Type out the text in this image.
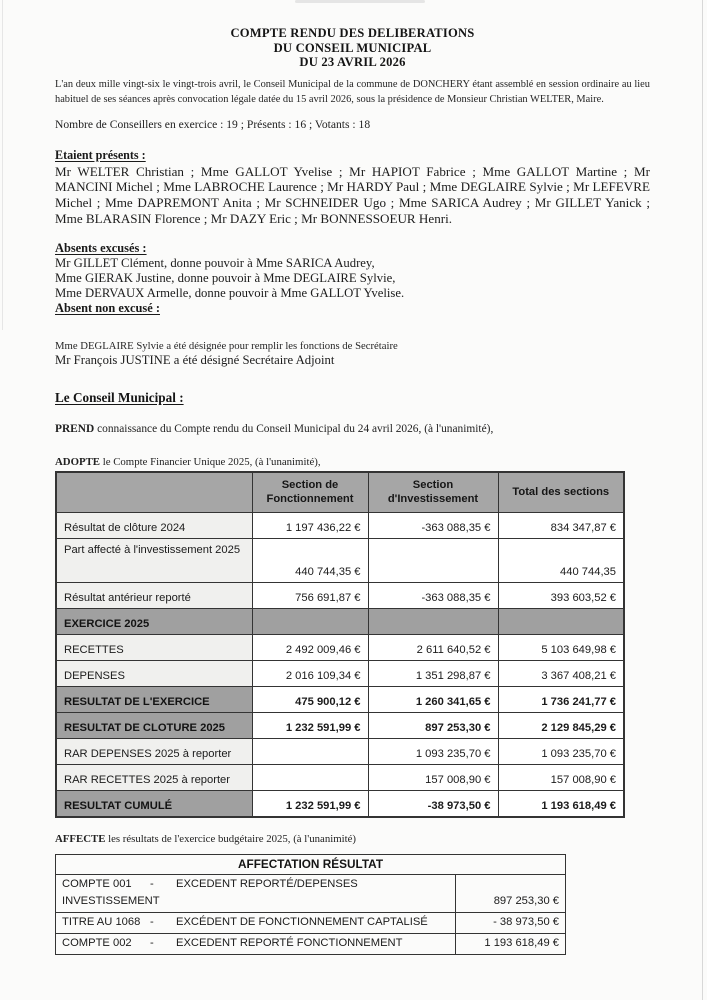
COMPTE RENDU DES DELIBERATIONS
DU CONSEIL MUNICIPAL
DU 23 AVRIL 2026
L'an deux mille vingt-six le vingt-trois avril, le Conseil Municipal de la commune de DONCHERY étant assemblé en session ordinaire au lieu habituel de ses séances après convocation légale datée du 15 avril 2026, sous la présidence de Monsieur Christian WELTER, Maire.
Nombre de Conseillers en exercice : 19 ; Présents : 16 ; Votants : 18
Etaient présents :
Mr WELTER Christian ; Mme GALLOT Yvelise ; Mr HAPIOT Fabrice ; Mme GALLOT Martine ; Mr MANCINI Michel ; Mme LABROCHE Laurence ; Mr HARDY Paul ; Mme DEGLAIRE Sylvie ; Mr LEFEVRE Michel ; Mme DAPREMONT Anita ; Mr SCHNEIDER Ugo ; Mme SARICA Audrey ; Mr GILLET Yanick ; Mme BLARASIN Florence ; Mr DAZY Eric ; Mr BONNESSOEUR Henri.
Absents excusés :
Mr GILLET Clément, donne pouvoir à Mme SARICA Audrey,
Mme GIERAK Justine, donne pouvoir à Mme DEGLAIRE Sylvie,
Mme DERVAUX Armelle, donne pouvoir à Mme GALLOT Yvelise.
Absent non excusé :
Mme DEGLAIRE Sylvie a été désignée pour remplir les fonctions de Secrétaire
Mr François JUSTINE a été désigné Secrétaire Adjoint
Le Conseil Municipal :
PREND connaissance du Compte rendu du Conseil Municipal du 24 avril 2026, (à l'unanimité),
ADOPTE le Compte Financier Unique 2025, (à l'unanimité),
	Section de Fonctionnement	Section d'Investissement	Total des sections
Résultat de clôture 2024	1 197 436,22 €	-363 088,35 €	834 347,87 €
Part affecté à l'investissement 2025	440 744,35 €		440 744,35
Résultat antérieur reporté	756 691,87 €	-363 088,35 €	393 603,52 €
EXERCICE 2025			
RECETTES	2 492 009,46 €	2 611 640,52 €	5 103 649,98 €
DEPENSES	2 016 109,34 €	1 351 298,87 €	3 367 408,21 €
RESULTAT DE L'EXERCICE	475 900,12 €	1 260 341,65 €	1 736 241,77 €
RESULTAT DE CLOTURE 2025	1 232 591,99 €	897 253,30 €	2 129 845,29 €
RAR DEPENSES 2025 à reporter		1 093 235,70 €	1 093 235,70 €
RAR RECETTES 2025 à reporter		157 008,90 €	157 008,90 €
RESULTAT CUMULÉ	1 232 591,99 €	-38 973,50 €	1 193 618,49 €
AFFECTE les résultats de l'exercice budgétaire 2025, (à l'unanimité)
AFFECTATION RÉSULTAT	

COMPTE 001 - EXCEDENT REPORTÉ/DEPENSES
INVESTISSEMENT	897 253,30 €

TITRE AU 1068 - EXCÉDENT DE FONCTIONNEMENT CAPTALISÉ	- 38 973,50 €

COMPTE 002 - EXCEDENT REPORTÉ FONCTIONNEMENT	1 193 618,49 €
